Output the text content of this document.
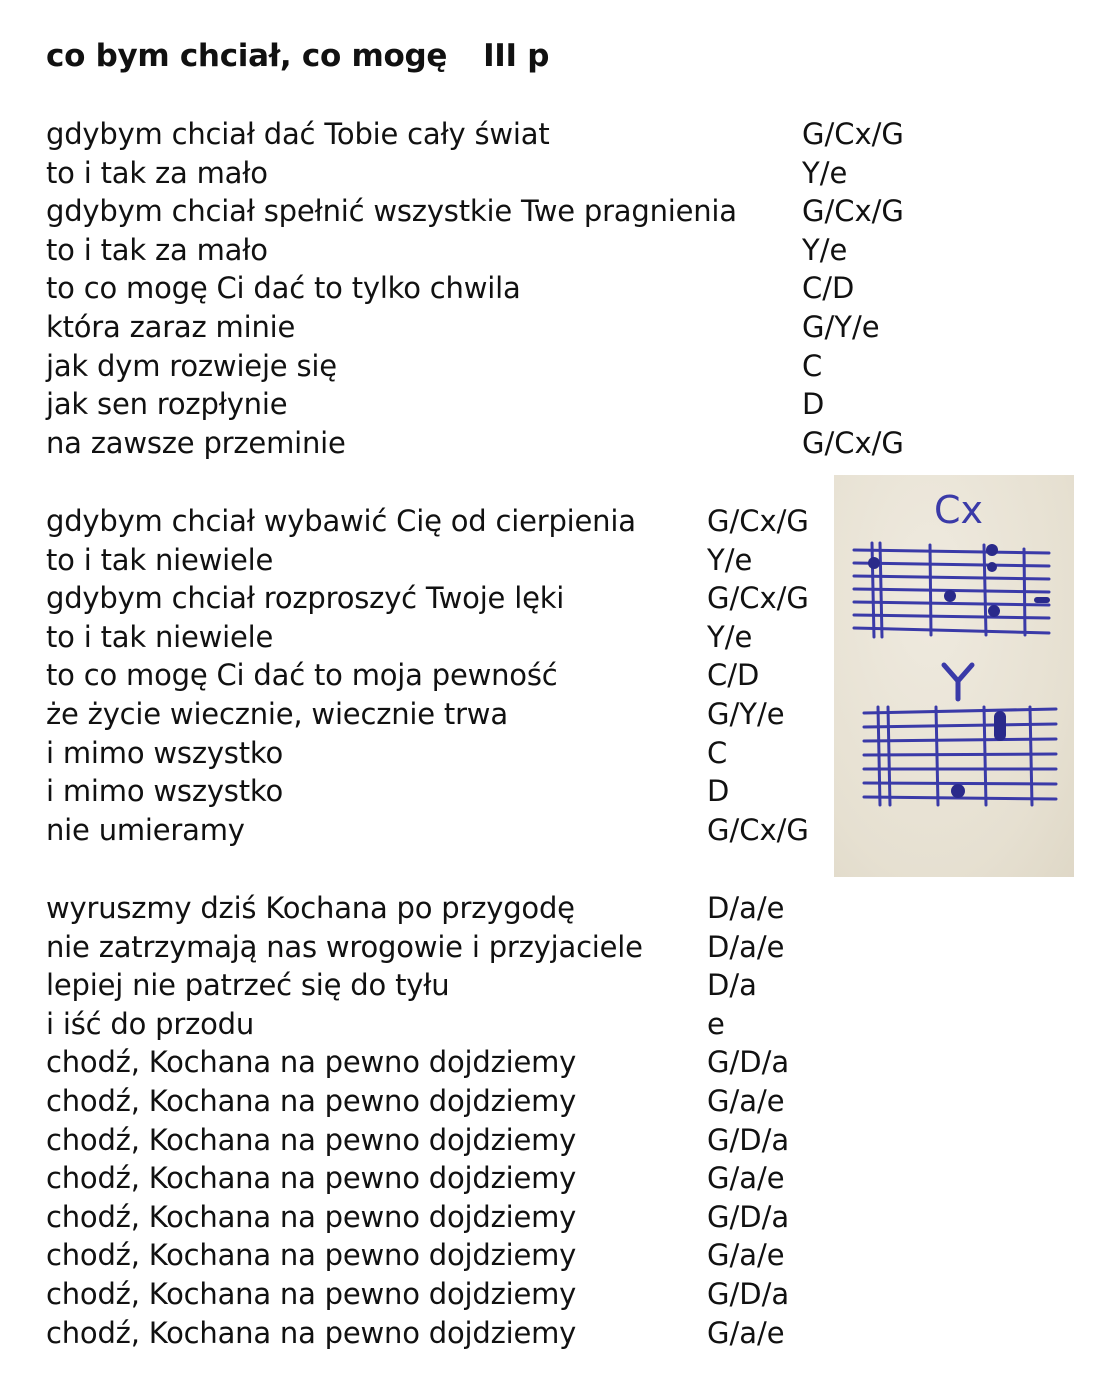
co bym chciał, co mogę III p
gdybym chciał dać Tobie cały świat	G/Cx/G
to i tak za mało	Y/e
gdybym chciał spełnić wszystkie Twe pragnienia G/Cx/G
to i tak za mało	Y/e
to co mogę Ci dać to tylko chwila	C/D
która zaraz minie	G/Y/e
jak dym rozwieje się	C
jak sen rozpłynie	D
na zawsze przeminie	G/Cx/G
gdybym chciał wybawić Cię od cierpienia G/Cx/G
to i tak niewiele	Y/e
gdybym chciał rozproszyć Twoje lęki	G/Cx/G
to i tak niewiele	Y/e
to co mogę Ci dać to moja pewność	C/D
że życie wiecznie, wiecznie trwa	G/Y/e
i mimo wszystko	C
i mimo wszystko	D
nie umieramy	G/Cx/G
wyruszmy dziś Kochana po przygodę	D/a/e
nie zatrzymają nas wrogowie i przyjaciele D/a/e
lepiej nie patrzeć się do tyłu	D/a
i iść do przodu	e
chodź, Kochana na pewno dojdziemy	G/D/a
chodź, Kochana na pewno dojdziemy	G/a/e
chodź, Kochana na pewno dojdziemy	G/D/a
chodź, Kochana na pewno dojdziemy	G/a/e
chodź, Kochana na pewno dojdziemy	G/D/a
chodź, Kochana na pewno dojdziemy	G/a/e
chodź, Kochana na pewno dojdziemy	G/D/a
chodź, Kochana na pewno dojdziemy	G/a/e
Cx
Y
